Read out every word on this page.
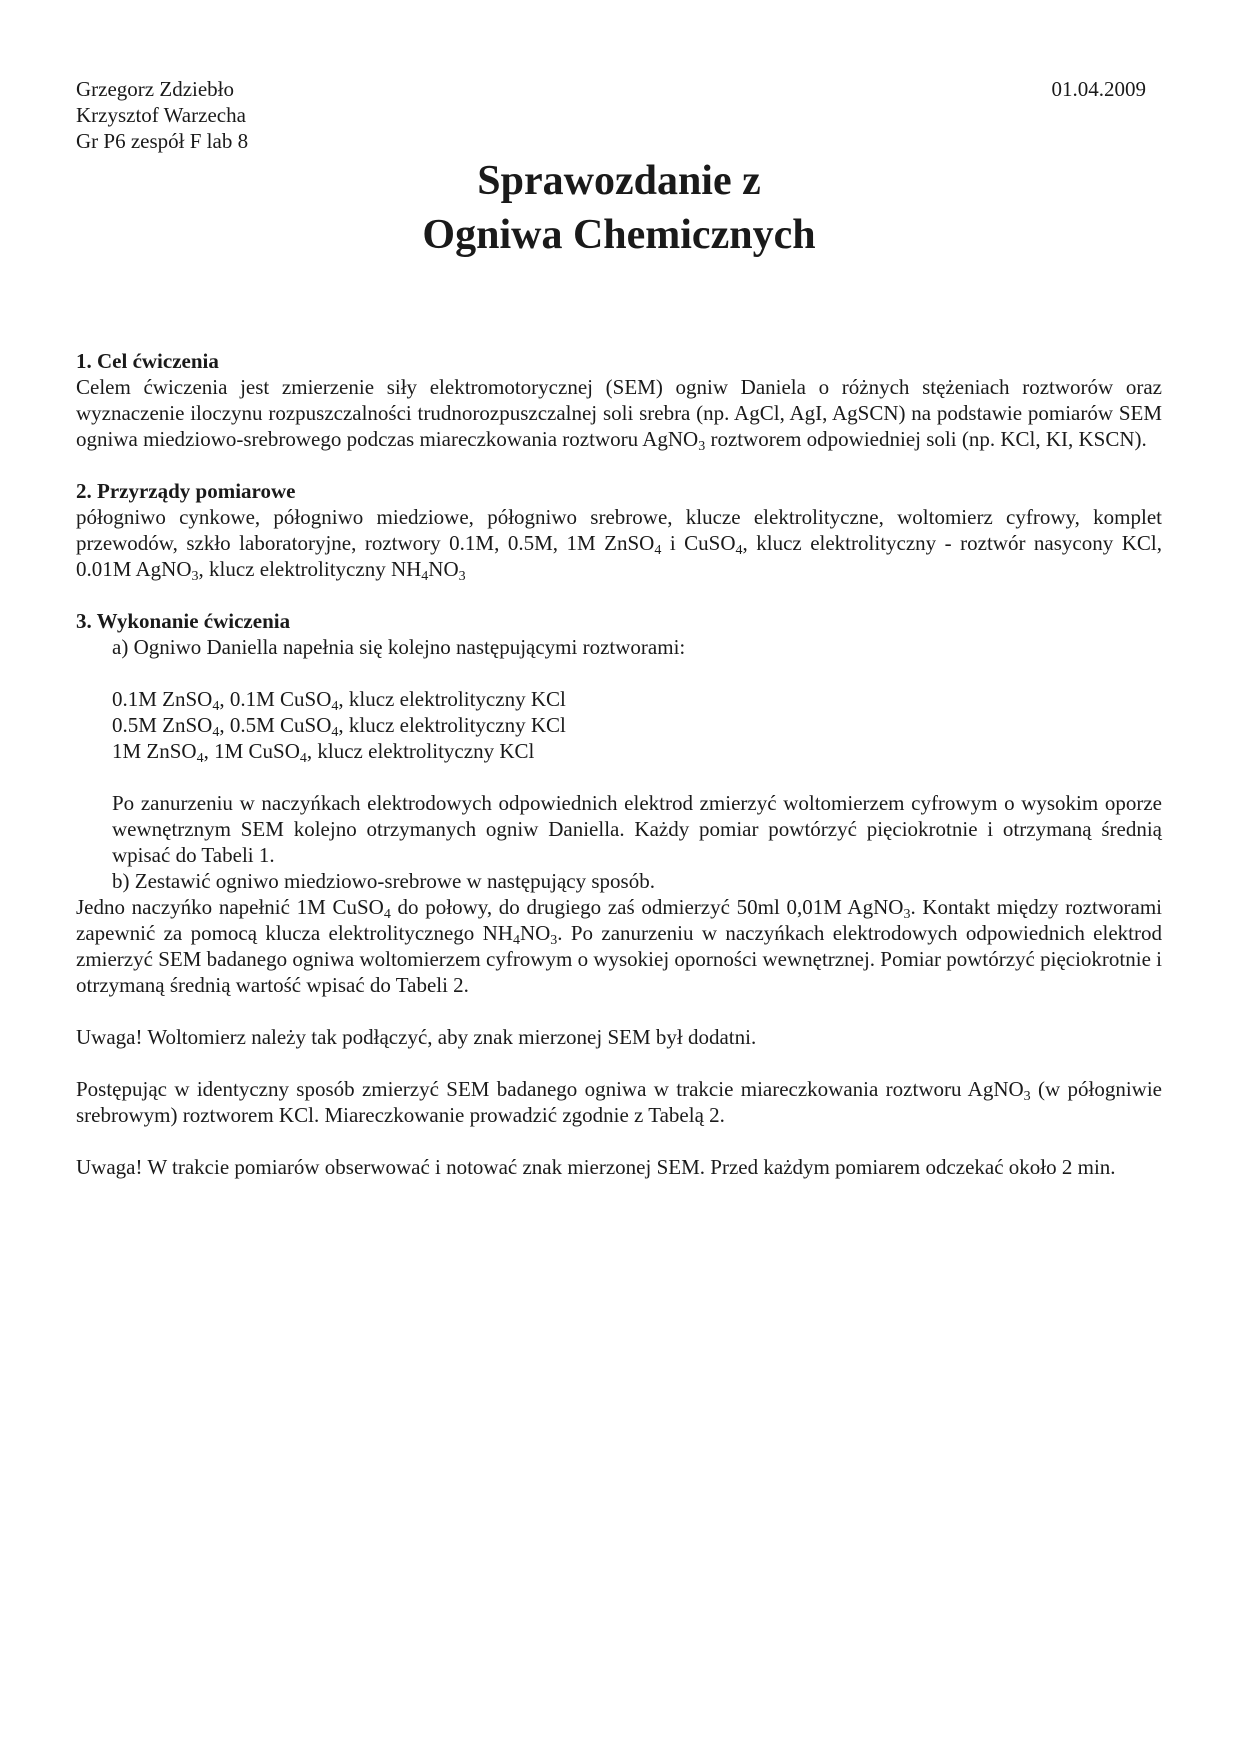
Grzegorz Zdziebło
Krzysztof Warzecha
Gr P6 zespół F lab 8
01.04.2009
Sprawozdanie z
Ogniwa Chemicznych
1. Cel ćwiczenia
Celem ćwiczenia jest zmierzenie siły elektromotorycznej (SEM) ogniw Daniela o różnych stężeniach roztworów oraz wyznaczenie iloczynu rozpuszczalności trudnorozpuszczalnej soli srebra (np. AgCl, AgI, AgSCN) na podstawie pomiarów SEM ogniwa miedziowo-srebrowego podczas miareczkowania roztworu AgNO$_3$ roztworem odpowiedniej soli (np. KCl, KI, KSCN).
2. Przyrządy pomiarowe
półogniwo cynkowe, półogniwo miedziowe, półogniwo srebrowe, klucze elektrolityczne, woltomierz cyfrowy, komplet przewodów, szkło laboratoryjne, roztwory 0.1M, 0.5M, 1M ZnSO$_4$ i CuSO$_4$, klucz elektrolityczny - roztwór nasycony KCl, 0.01M AgNO$_3$, klucz elektrolityczny $NH_4NO_3$
3. Wykonanie ćwiczenia
a) Ogniwo Daniella napełnia się kolejno następującymi roztworami:
0.1M ZnSO$_4$, 0.1M CuSO$_4$, klucz elektrolityczny KCl
0.5M ZnSO$_4$, 0.5M CuSO$_4$, klucz elektrolityczny KCl
1M ZnSO$_4$, 1M CuSO$_4$, klucz elektrolityczny KCl
Po zanurzeniu w naczyńkach elektrodowych odpowiednich elektrod zmierzyć woltomierzem cyfrowym o wysokim oporze wewnętrznym SEM kolejno otrzymanych ogniw Daniella. Każdy pomiar powtórzyć pięciokrotnie i otrzymaną średnią wpisać do Tabeli 1.
b) Zestawić ogniwo miedziowo-srebrowe w następujący sposób.
Jedno naczyńko napełnić 1M CuSO$_4$ do połowy, do drugiego zaś odmierzyć 50ml 0,01M AgNO$_3$. Kontakt między roztworami zapewnić za pomocą klucza elektrolitycznego $NH_4NO_3$. Po zanurzeniu w naczyńkach elektrodowych odpowiednich elektrod zmierzyć SEM badanego ogniwa woltomierzem cyfrowym o wysokiej oporności wewnętrznej. Pomiar powtórzyć pięciokrotnie i otrzymaną średnią wartość wpisać do Tabeli 2.
Uwaga! Woltomierz należy tak podłączyć, aby znak mierzonej SEM był dodatni.
Postępując w identyczny sposób zmierzyć SEM badanego ogniwa w trakcie miareczkowania roztworu AgNO$_3$ (w półogniwie srebrowym) roztworem KCl. Miareczkowanie prowadzić zgodnie z Tabelą 2.
Uwaga! W trakcie pomiarów obserwować i notować znak mierzonej SEM. Przed każdym pomiarem odczekać około 2 min.
